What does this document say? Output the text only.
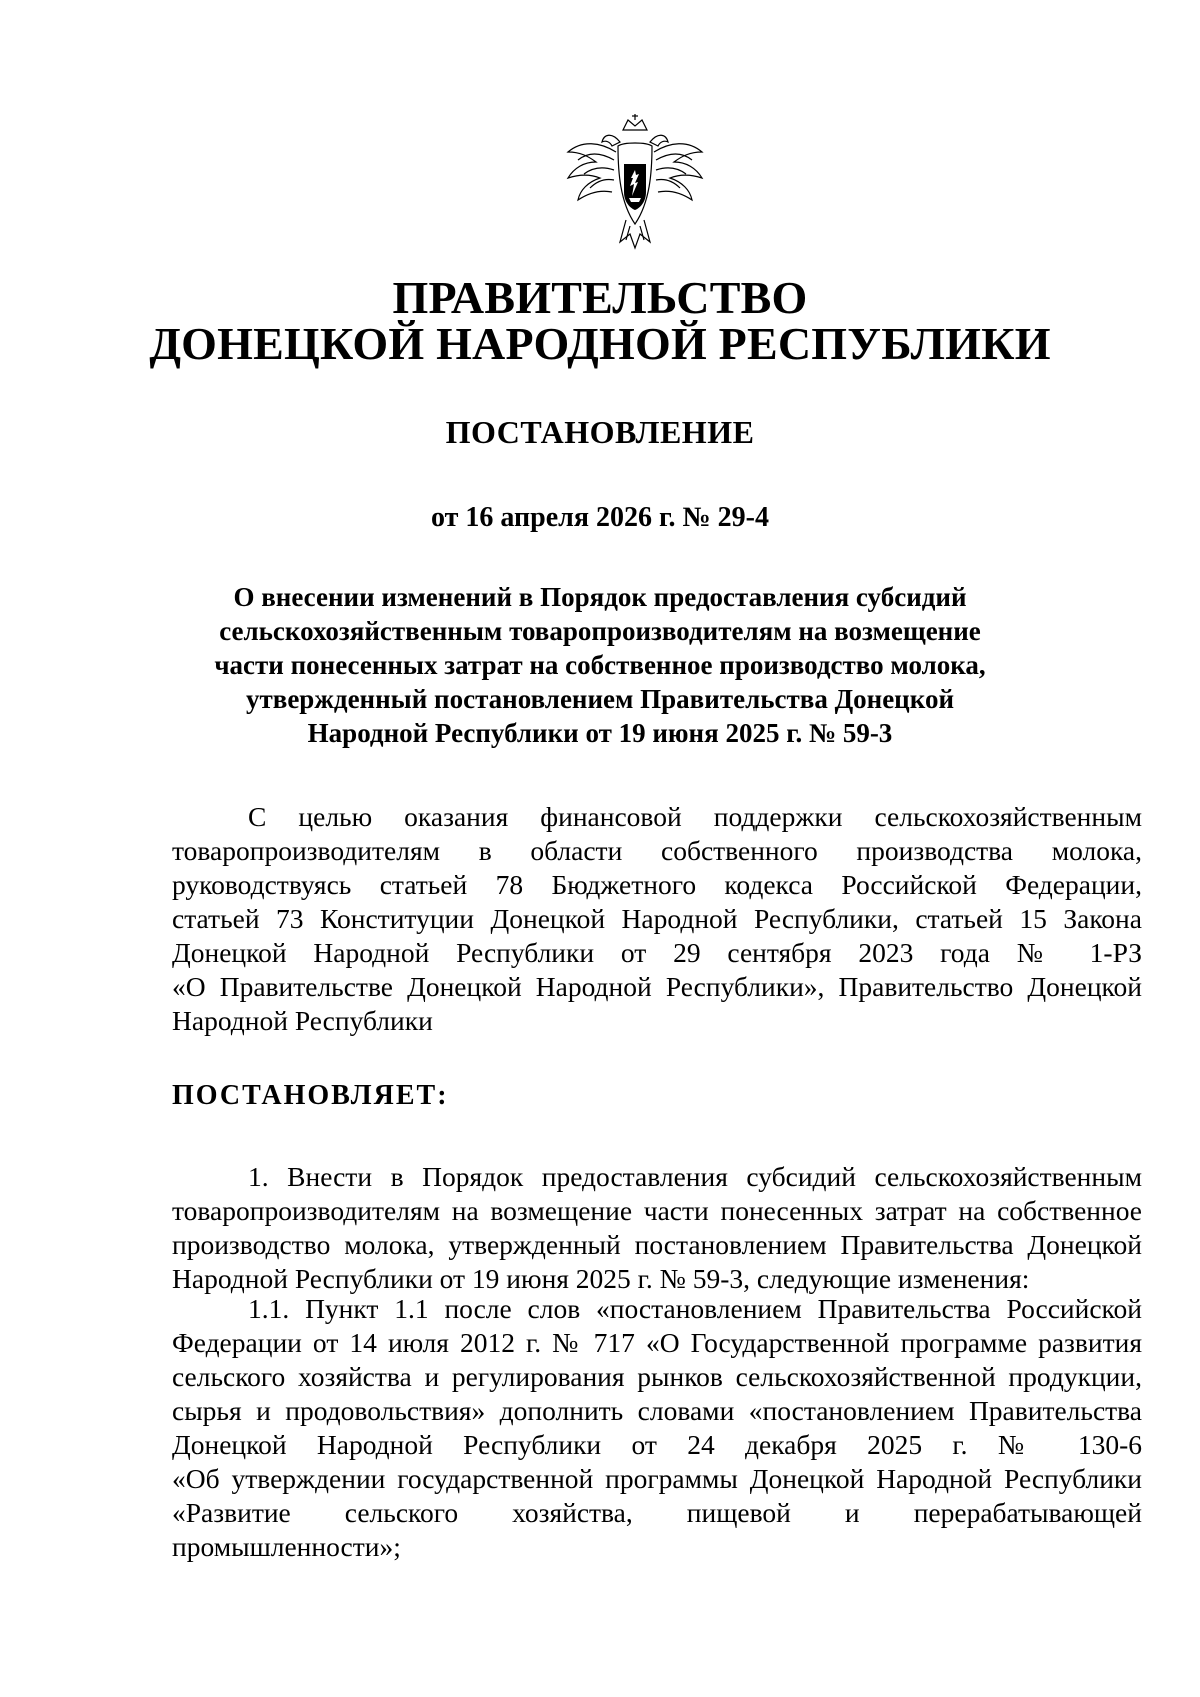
ПРАВИТЕЛЬСТВО
ДОНЕЦКОЙ НАРОДНОЙ РЕСПУБЛИКИ
ПОСТАНОВЛЕНИЕ
от 16 апреля 2026 г. № 29-4
О внесении изменений в Порядок предоставления субсидий
сельскохозяйственным товаропроизводителям на возмещение
части понесенных затрат на собственное производство молока,
утвержденный постановлением Правительства Донецкой
Народной Республики от 19 июня 2025 г. № 59-3
С целью оказания финансовой поддержки сельскохозяйственным
товаропроизводителям в области собственного производства молока,
руководствуясь статьей 78 Бюджетного кодекса Российской Федерации,
статьей 73 Конституции Донецкой Народной Республики, статьей 15 Закона
Донецкой Народной Республики от 29 сентября 2023 года № 1-РЗ
«О Правительстве Донецкой Народной Республики», Правительство Донецкой
Народной Республики
ПОСТАНОВЛЯЕТ:
1. Внести в Порядок предоставления субсидий сельскохозяйственным
товаропроизводителям на возмещение части понесенных затрат на собственное
производство молока, утвержденный постановлением Правительства Донецкой
Народной Республики от 19 июня 2025 г. № 59-3, следующие изменения:
1.1. Пункт 1.1 после слов «постановлением Правительства Российской
Федерации от 14 июля 2012 г. № 717 «О Государственной программе развития
сельского хозяйства и регулирования рынков сельскохозяйственной продукции,
сырья и продовольствия» дополнить словами «постановлением Правительства
Донецкой Народной Республики от 24 декабря 2025 г. № 130-6
«Об утверждении государственной программы Донецкой Народной Республики
«Развитие сельского хозяйства, пищевой и перерабатывающей
промышленности»;
